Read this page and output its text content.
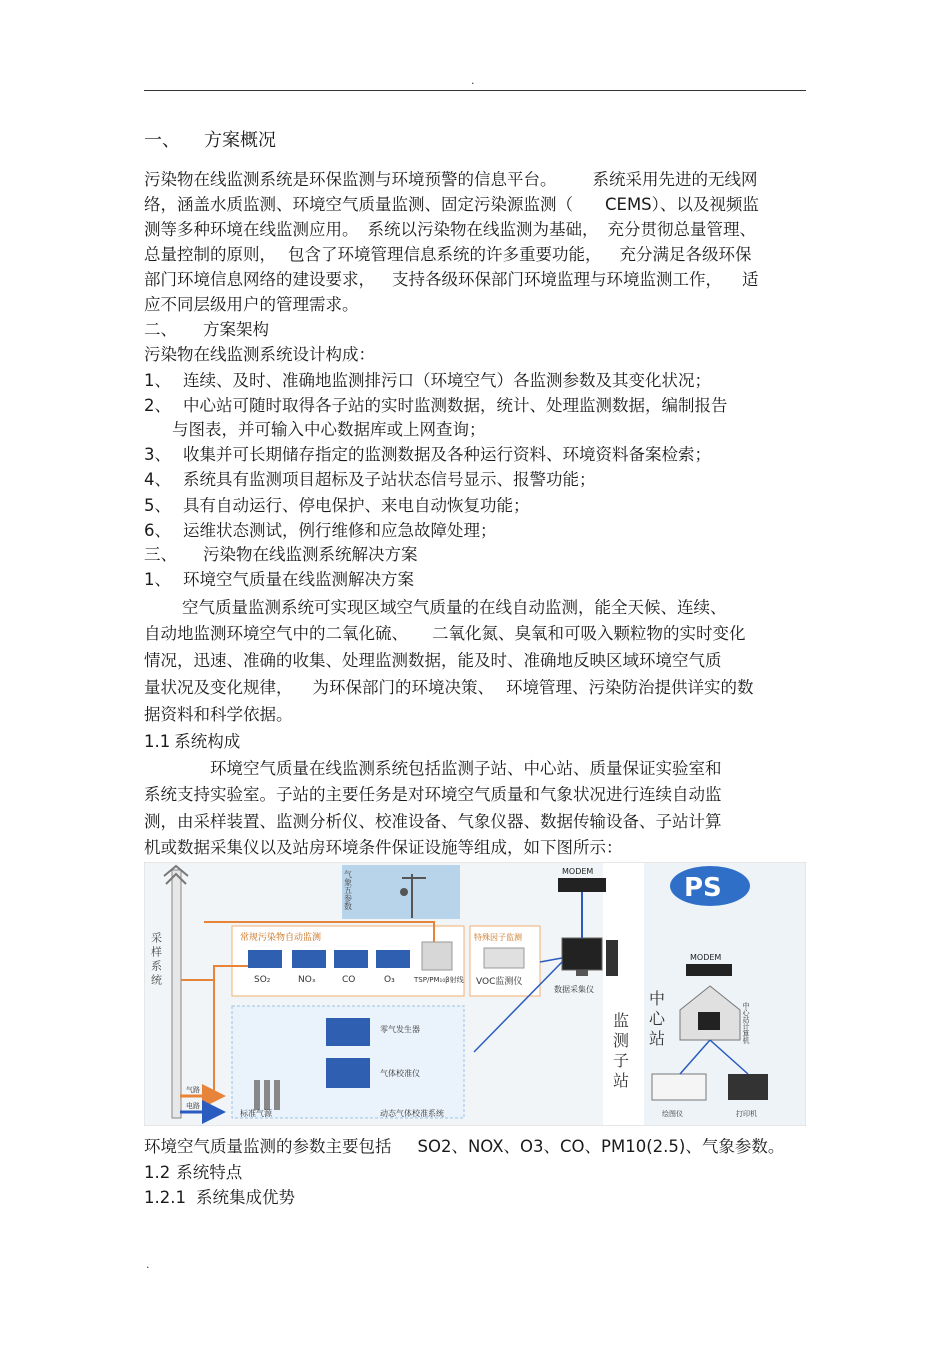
.
一、 方案概况
污染物在线监测系统是环保监测与环境预警的信息平台。 系统采用先进的无线网
络，涵盖水质监测、环境空气质量监测、固定污染源监测（ CEMS）、以及视频监
测等多种环境在线监测应用。 系统以污染物在线监测为基础， 充分贯彻总量管理、
总量控制的原则， 包含了环境管理信息系统的许多重要功能， 充分满足各级环保
部门环境信息网络的建设要求， 支持各级环保部门环境监理与环境监测工作， 适
应不同层级用户的管理需求。
二、 方案架构
污染物在线监测系统设计构成：
1、 连续、及时、准确地监测排污口（环境空气）各监测参数及其变化状况；
2、 中心站可随时取得各子站的实时监测数据，统计、处理监测数据，编制报告
与图表，并可输入中心数据库或上网查询；
3、 收集并可长期储存指定的监测数据及各种运行资料、环境资料备案检索；
4、 系统具有监测项目超标及子站状态信号显示、报警功能；
5、 具有自动运行、停电保护、来电自动恢复功能；
6、 运维状态测试，例行维修和应急故障处理；
三、 污染物在线监测系统解决方案
1、 环境空气质量在线监测解决方案
空气质量监测系统可实现区域空气质量的在线自动监测，能全天候、连续、
自动地监测环境空气中的二氧化硫、 二氧化氮、臭氧和可吸入颗粒物的实时变化
情况，迅速、准确的收集、处理监测数据，能及时、准确地反映区域环境空气质
量状况及变化规律， 为环保部门的环境决策、 环境管理、污染防治提供详实的数
据资料和科学依据。
1.1 系统构成
环境空气质量在线监测系统包括监测子站、中心站、质量保证实验室和
系统支持实验室。子站的主要任务是对环境空气质量和气象状况进行连续自动监
测，由采样装置、监测分析仪、校准设备、气象仪器、数据传输设备、子站计算
机或数据采集仪以及站房环境条件保证设施等组成，如下图所示：
采样系统
气象五参数
常规污染物自动监测
SO₂	NOₓ	CO	O₃	TSP/PM₁₀β射线
特殊因子监测
VOC监测仪
零气发生器
气体校准仪
标准气源	动态气体校准系统
气路
电路
数据采集仪
MODEM
监测子站
PS
MODEM
中心站	中心站计算机
绘图仪	打印机
环境空气质量监测的参数主要包括 SO2、NOX、O3、CO、PM10(2.5)、气象参数。
1.2 系统特点
1.2.1 系统集成优势
.
